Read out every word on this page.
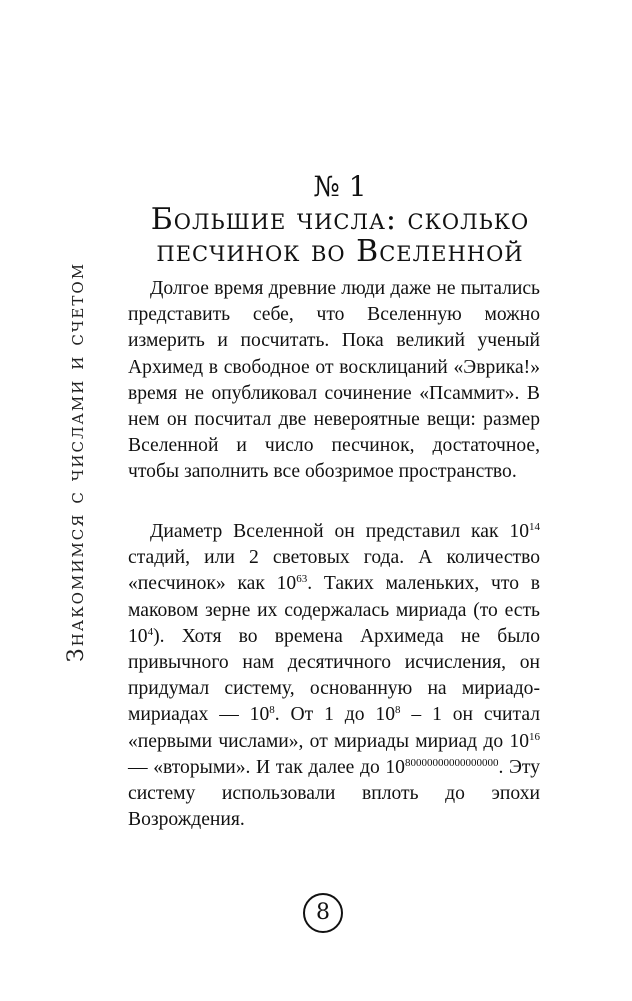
Знакомимся с числами и счетом
№ 1
Большие числа: сколько
песчинок во Вселенной

Долгое время древние люди даже не пытались представить себе, что Вселенную можно измерить и посчитать. Пока великий ученый Архимед в свободное от восклицаний «Эврика!» время не опубликовал сочинение «Псаммит». В нем он посчитал две невероятные вещи: размер Вселенной и число песчинок, достаточное, чтобы заполнить все обозримое пространство.

Диаметр Вселенной он представил как $10^{14}$ стадий, или 2 световых года. А количество «песчинок» как $10^{63}$. Таких маленьких, что в маковом зерне их содержалась мириада (то есть $10^4$). Хотя во времена Архимеда не было привычного нам десятичного исчисления, он придумал систему, основанную на мириадо-мириадах — $10^8$. От 1 до $10^8 - 1$ он считал «первыми числами», от мириады мириад до $10^{16}$ — «вторыми». И так далее до $10^{80000000000000000}$. Эту систему использовали вплоть до эпохи Возрождения.

8
